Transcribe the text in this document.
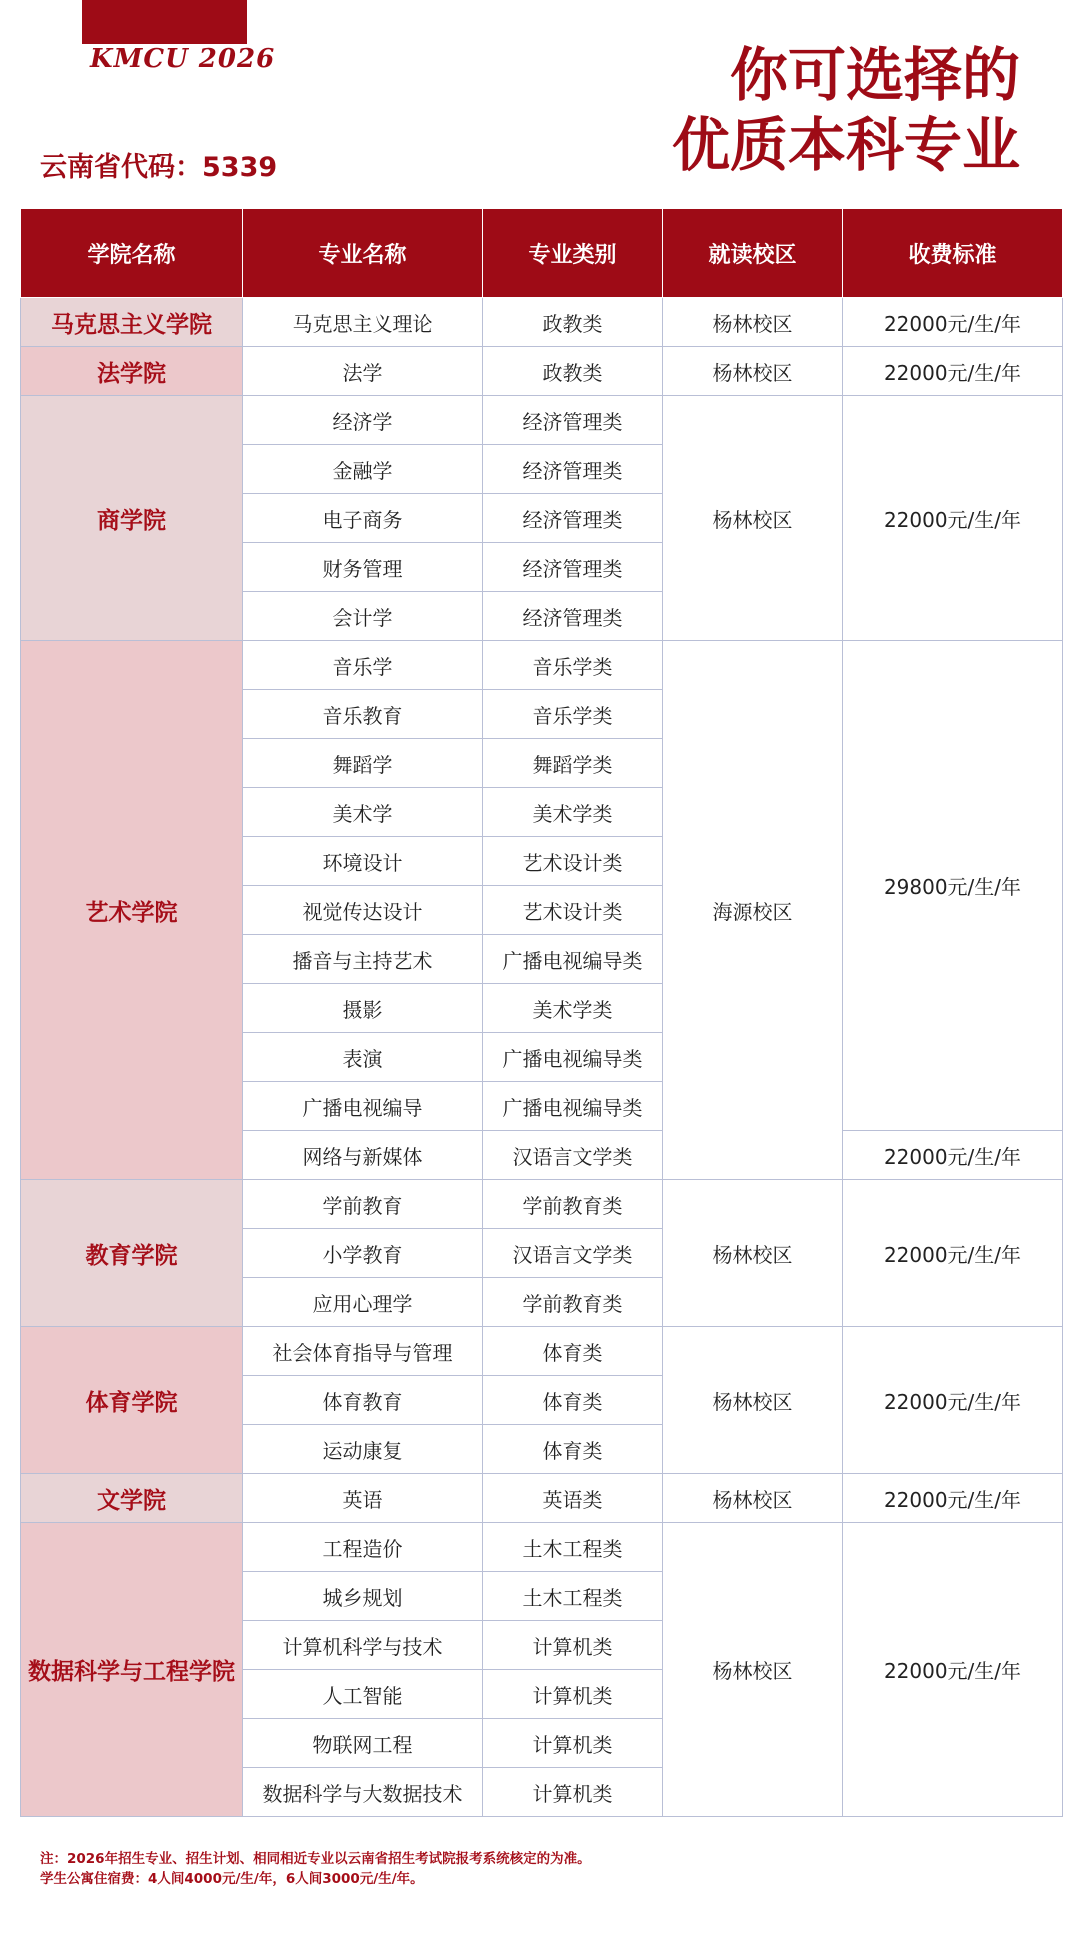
KMCU 2026	你可选择的
优质本科专业
云南省代码：5339
学院名称	专业名称	专业类别	就读校区	收费标准
马克思主义学院	马克思主义理论	政教类	杨林校区	22000元/生/年
法学院	法学	政教类	杨林校区	22000元/生/年
商学院	经济学	经济管理类	杨林校区	22000元/生/年
	金融学	经济管理类		
	电子商务	经济管理类		
	财务管理	经济管理类		
	会计学	经济管理类		
艺术学院	音乐学	音乐学类	海源校区	29800元/生/年
	音乐教育	音乐学类		
	舞蹈学	舞蹈学类		
	美术学	美术学类		
	环境设计	艺术设计类		
	视觉传达设计	艺术设计类		
	播音与主持艺术	广播电视编导类		
	摄影	美术学类		
	表演	广播电视编导类		
	广播电视编导	广播电视编导类		
	网络与新媒体	汉语言文学类		22000元/生/年
教育学院	学前教育	学前教育类	杨林校区	22000元/生/年
	小学教育	汉语言文学类		
	应用心理学	学前教育类		
体育学院	社会体育指导与管理	体育类	杨林校区	22000元/生/年
	体育教育	体育类		
	运动康复	体育类		
文学院	英语	英语类	杨林校区	22000元/生/年
数据科学与工程学院	工程造价	土木工程类	杨林校区	22000元/生/年
	城乡规划	土木工程类		
	计算机科学与技术	计算机类		
	人工智能	计算机类		
	物联网工程	计算机类		
	数据科学与大数据技术	计算机类		
注：2026年招生专业、招生计划、相同相近专业以云南省招生考试院报考系统核定的为准。
学生公寓住宿费：4人间4000元/生/年，6人间3000元/生/年。
